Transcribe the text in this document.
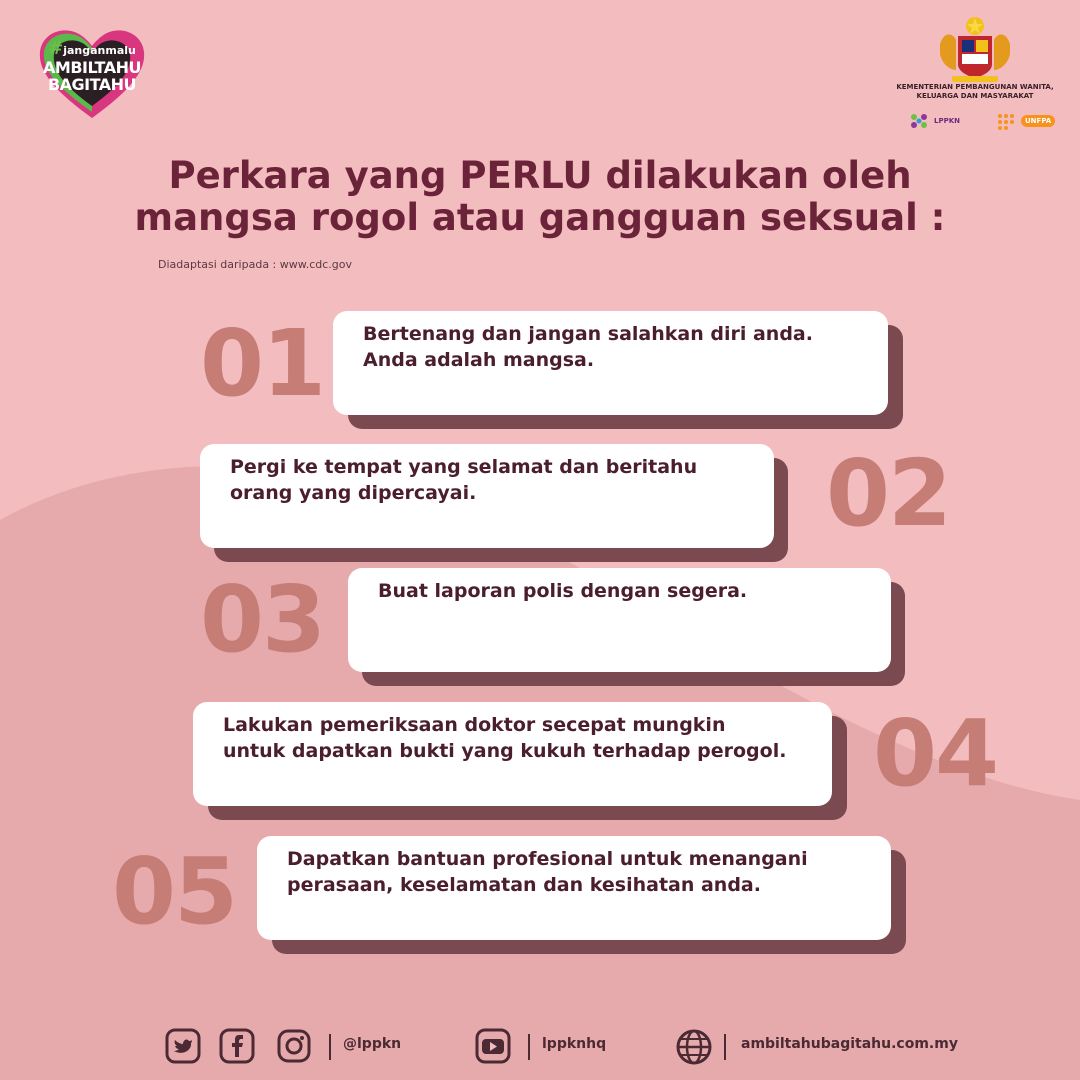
#janganmalu
AMBILTAHU
BAGITAHU	KEMENTERIAN PEMBANGUNAN WANITA,
KELUARGA DAN MASYARAKAT
LPPKN	UNFPA
Perkara yang PERLU dilakukan oleh
mangsa rogol atau gangguan seksual :
Diadaptasi daripada : www.cdc.gov
01 Bertenang dan jangan salahkan diri anda.
Anda adalah mangsa.
Pergi ke tempat yang selamat dan beritahu
orang yang dipercayai.	02
03	Buat laporan polis dengan segera.
Lakukan pemeriksaan doktor secepat mungkin
untuk dapatkan bukti yang kukuh terhadap perogol. 04
05	Dapatkan bantuan profesional untuk menangani
perasaan, keselamatan dan kesihatan anda.
@lppkn	lppknhq	ambiltahubagitahu.com.my
